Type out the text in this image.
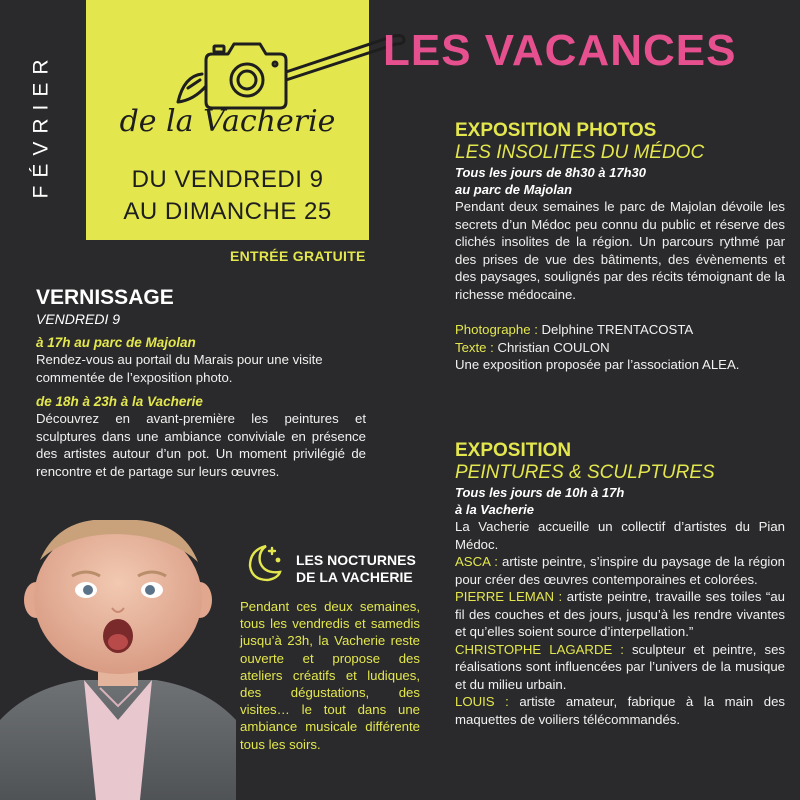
FÉVRIER	de la Vacherie
DU VENDREDI 9
AU DIMANCHE 25
ENTRÉE GRATUITE
LES VACANCES
VERNISSAGE
VENDREDI 9
à 17h au parc de Majolan
Rendez-vous au portail du Marais pour une visite commentée de l’exposition photo.
de 18h à 23h à la Vacherie
Découvrez en avant-première les peintures et sculptures dans une ambiance conviviale en présence des artistes autour d’un pot. Un moment privilégié de rencontre et de partage sur leurs œuvres.
LES NOCTURNES
DE LA VACHERIE
Pendant ces deux semaines, tous les vendredis et samedis jusqu’à 23h, la Vacherie reste ouverte et propose des ateliers créatifs et ludiques, des dégustations, des visites… le tout dans une ambiance musicale différente tous les soirs.
EXPOSITION PHOTOS
LES INSOLITES DU MÉDOC
Tous les jours de 8h30 à 17h30
au parc de Majolan
Pendant deux semaines le parc de Majolan dévoile les secrets d’un Médoc peu connu du public et réserve des clichés insolites de la région. Un parcours rythmé par des prises de vue des bâtiments, des évènements et des paysages, soulignés par des récits témoignant de la richesse médocaine.
Photographe : Delphine TRENTACOSTA
Texte : Christian COULON
Une exposition proposée par l’association ALEA.
EXPOSITION
PEINTURES & SCULPTURES
Tous les jours de 10h à 17h
à la Vacherie
La Vacherie accueille un collectif d’artistes du Pian Médoc.
ASCA : artiste peintre, s’inspire du paysage de la région pour créer des œuvres contemporaines et colorées.
PIERRE LEMAN : artiste peintre, travaille ses toiles “au fil des couches et des jours, jusqu’à les rendre vivantes et qu’elles soient source d’interpellation.”
CHRISTOPHE LAGARDE : sculpteur et peintre, ses réalisations sont influencées par l’univers de la musique et du milieu urbain.
LOUIS : artiste amateur, fabrique à la main des maquettes de voiliers télécommandés.
